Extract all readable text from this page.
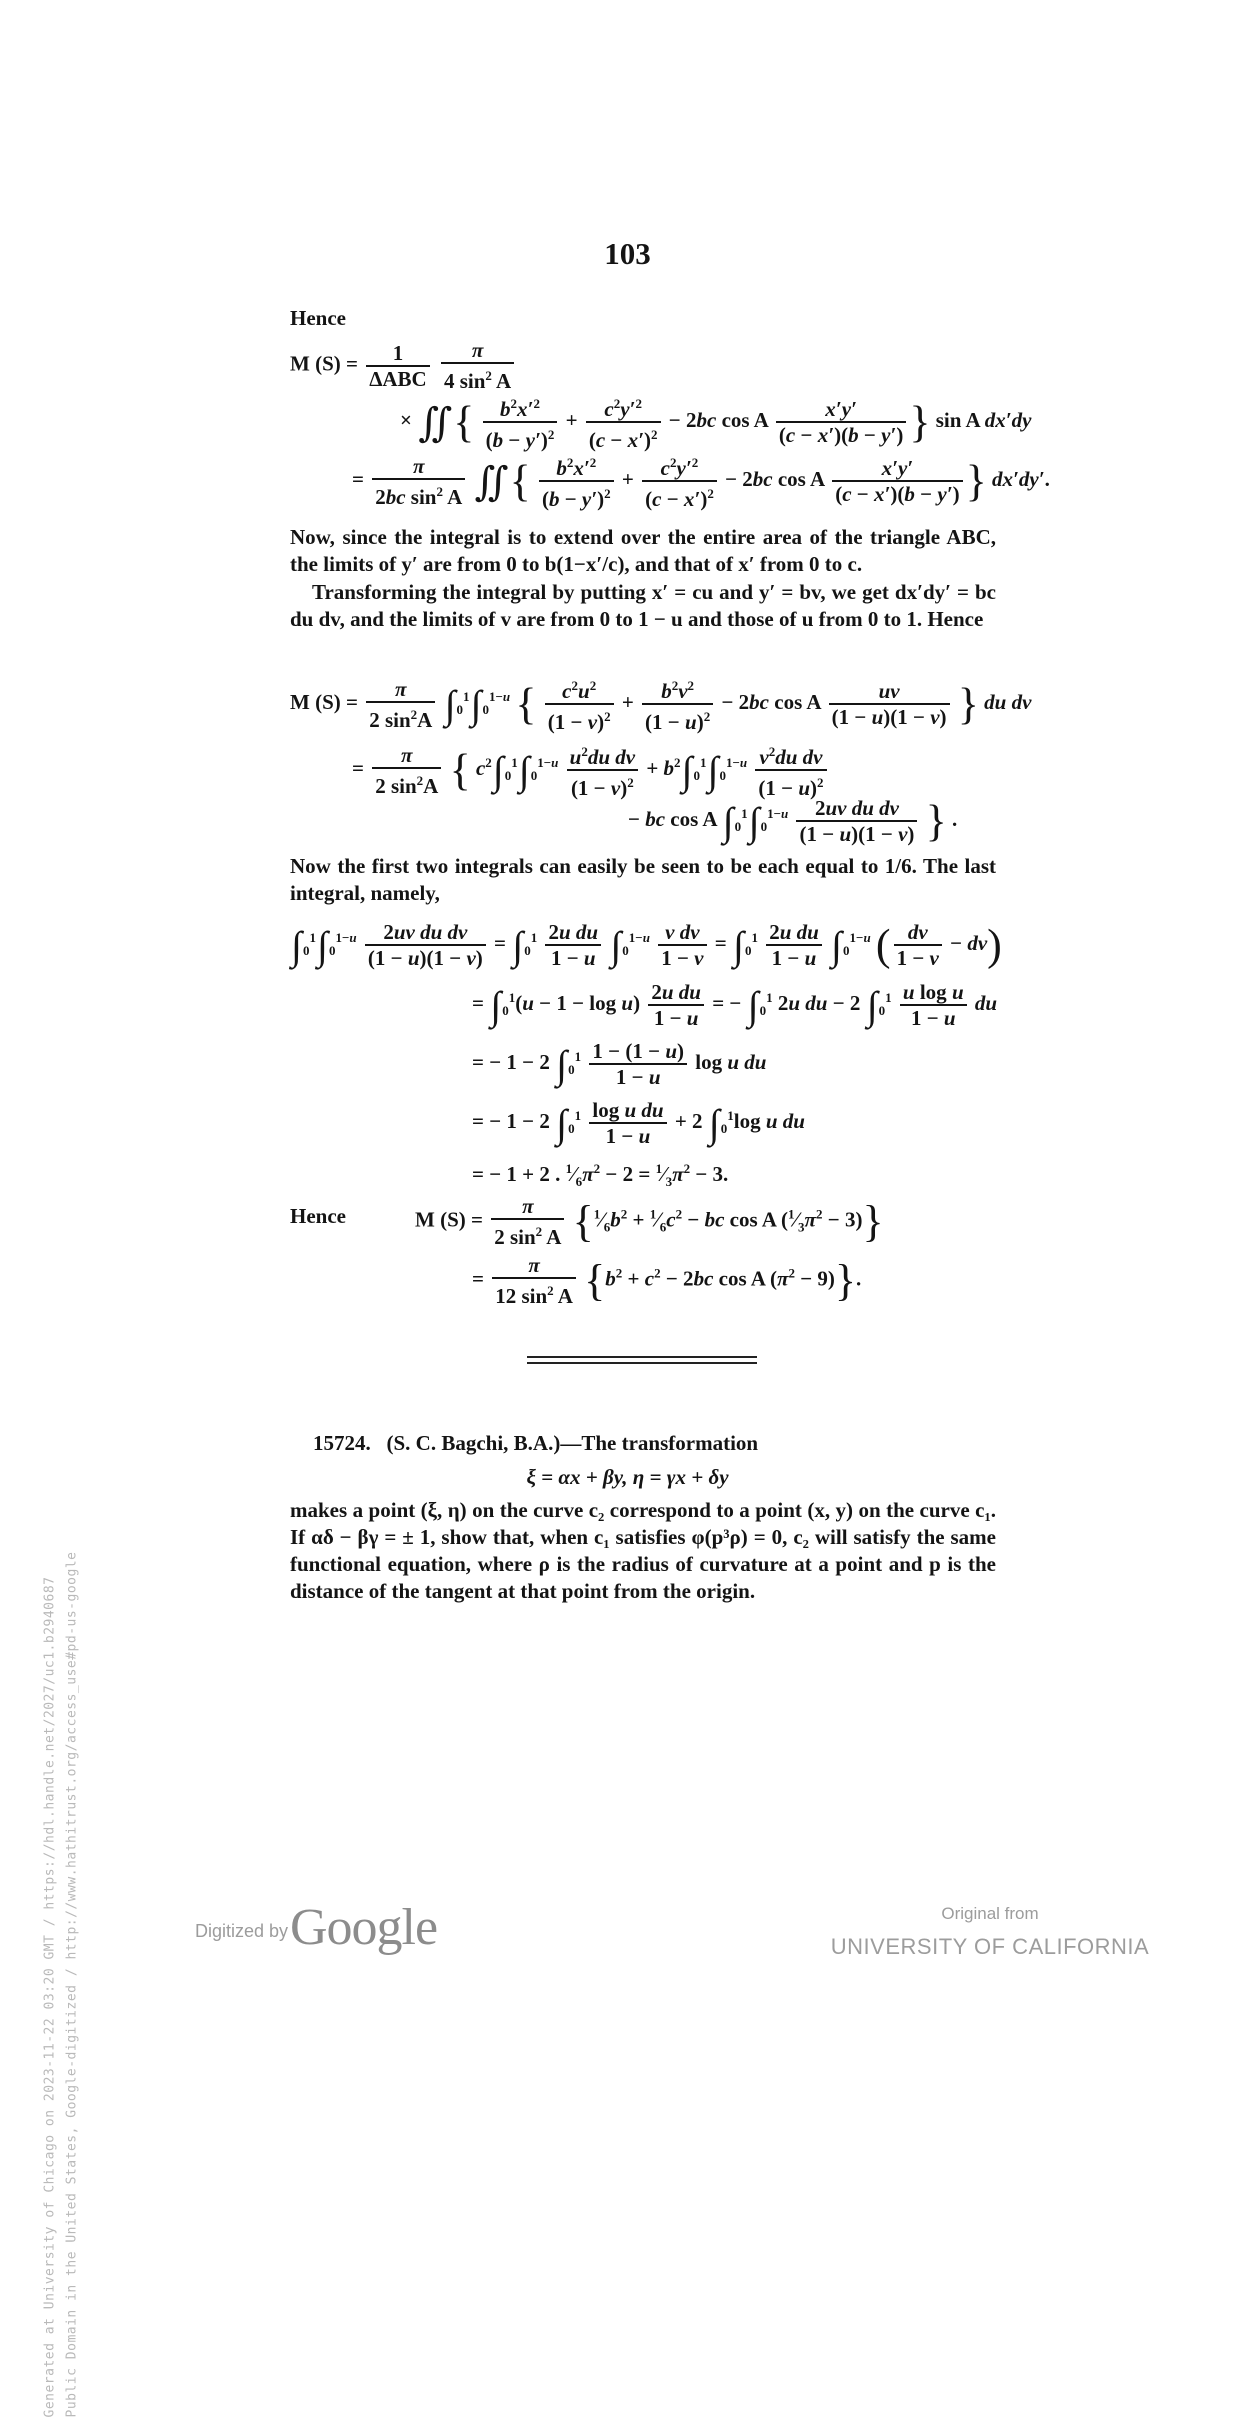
Generated at University of Chicago on 2023-11-22 03:20 GMT / https://hdl.handle.net/2027/uc1.b2940687 Public Domain in the United States, Google-digitized / http://www.hathitrust.org/access_use#pd-us-google
103
Hence
M $(S) = \frac{1}{\text{ΔABC}}$
$\frac{\pi}{4 \sin^2 A}$
× ∬{ $\frac{b^2x'^2}{(b - y')^2} + \frac{c^2y'^2}{(c - x')^2} - 2bc$ cos A $\frac{x'y'}{(c - x')(b - y')}$ } sin A dx′dy
= $\frac{\pi}{2bc \sin^2 A}$ ∬{ $\frac{b^2x'^2}{(b - y')^2} + \frac{c^2y'^2}{(c - x')^2} - 2bc$ cos A $\frac{x'y'}{(c - x')(b - y')}$ } dx′dy′.
Now, since the integral is to extend over the entire area of the triangle ABC, the limits of y′ are from 0 to b(1−x′/c), and that of x′ from 0 to c.
Transforming the integral by putting x′ = cu and y′ = bv, we get dx′dy′ = bc du dv, and the limits of v are from 0 to 1 − u and those of u from 0 to 1. Hence
M $(S) = \frac{\pi}{2 \sin^2A} \int_0^1\int_0^{1-u}$ { $\frac{c^2u^2}{(1 - v)^2} + \frac{b^2v^2}{(1 - u)^2} - 2bc$ cos A $\frac{uv}{(1 - u)(1 - v)}$ } du dv
= $\frac{\pi}{2 \sin^2A}$ { $c^2\int_0^1\int_0^{1-u} \frac{u^2du dv}{(1 - v)^2} + b^2\int_0^1\int_0^{1-u} \frac{v^2du dv}{(1 - u)^2}$
− bc cos A $\int_0^1\int_0^{1-u} \frac{\text{2uv du dv}}{(1 - u)(1 - v)}$ } .
Now the first two integrals can easily be seen to be each equal to 1/6. The last integral, namely,
$\int_0^1\int_0^{1-u} \frac{\text{2uv du dv}}{(1 - u)(1 - v)} = \int_0^1 \frac{\text{2u du}}{1 - u} \int_0^{1-u} \frac{\text{v dv}}{1 - v} = \int_0^1 \frac{\text{2u du}}{1 - u} \int_0^{1-u}$ ( $\frac{dv}{1 - v} - dv$)
= $\int_0^1(u - 1 - \log u) \frac{\text{2u du}}{1 - u}$ = − $\int_0^1$ 2u du − 2 $\int_0^1 \frac{\text{u log u}}{1 - u}$ du
= − 1 − 2 $\int_0^1 \frac{1 - (1 - u)}{1 - u}$ log u du
= − 1 − 2 $\int_0^1 \frac{\text{log u du}}{1 - u} + 2$ $\int_0^1\log$ u du
= − 1 + 2 . $^1⁄_6\pi^2 - 2$ = $^1⁄_3\pi^2 - 3$.
Hence	M $(S) = \frac{\pi}{2 \sin^2 A}$ {$^1⁄_6b^2$ + $^1⁄_6c^2$ − bc cos A $(^1⁄_3\pi^2 - 3)$}
= $\frac{\pi}{12 \sin^2 A} \{b^2 + c^2 - 2bc$ cos A $(\pi^2 - 9)$}.
15724. (S. C. Bagchi, B.A.)—The transformation
ξ = αx + βy, η = γx + δy
makes a point (ξ, η) on the curve c₂ correspond to a point (x, y) on the curve c₁. If αδ − βγ = ± 1, show that, when c₁ satisfies φ(p³ρ) = 0, c₂ will satisfy the same functional equation, where ρ is the radius of curvature at a point and p is the distance of the tangent at that point from the origin.
Digitized by Google	Original from
UNIVERSITY OF CALIFORNIA
